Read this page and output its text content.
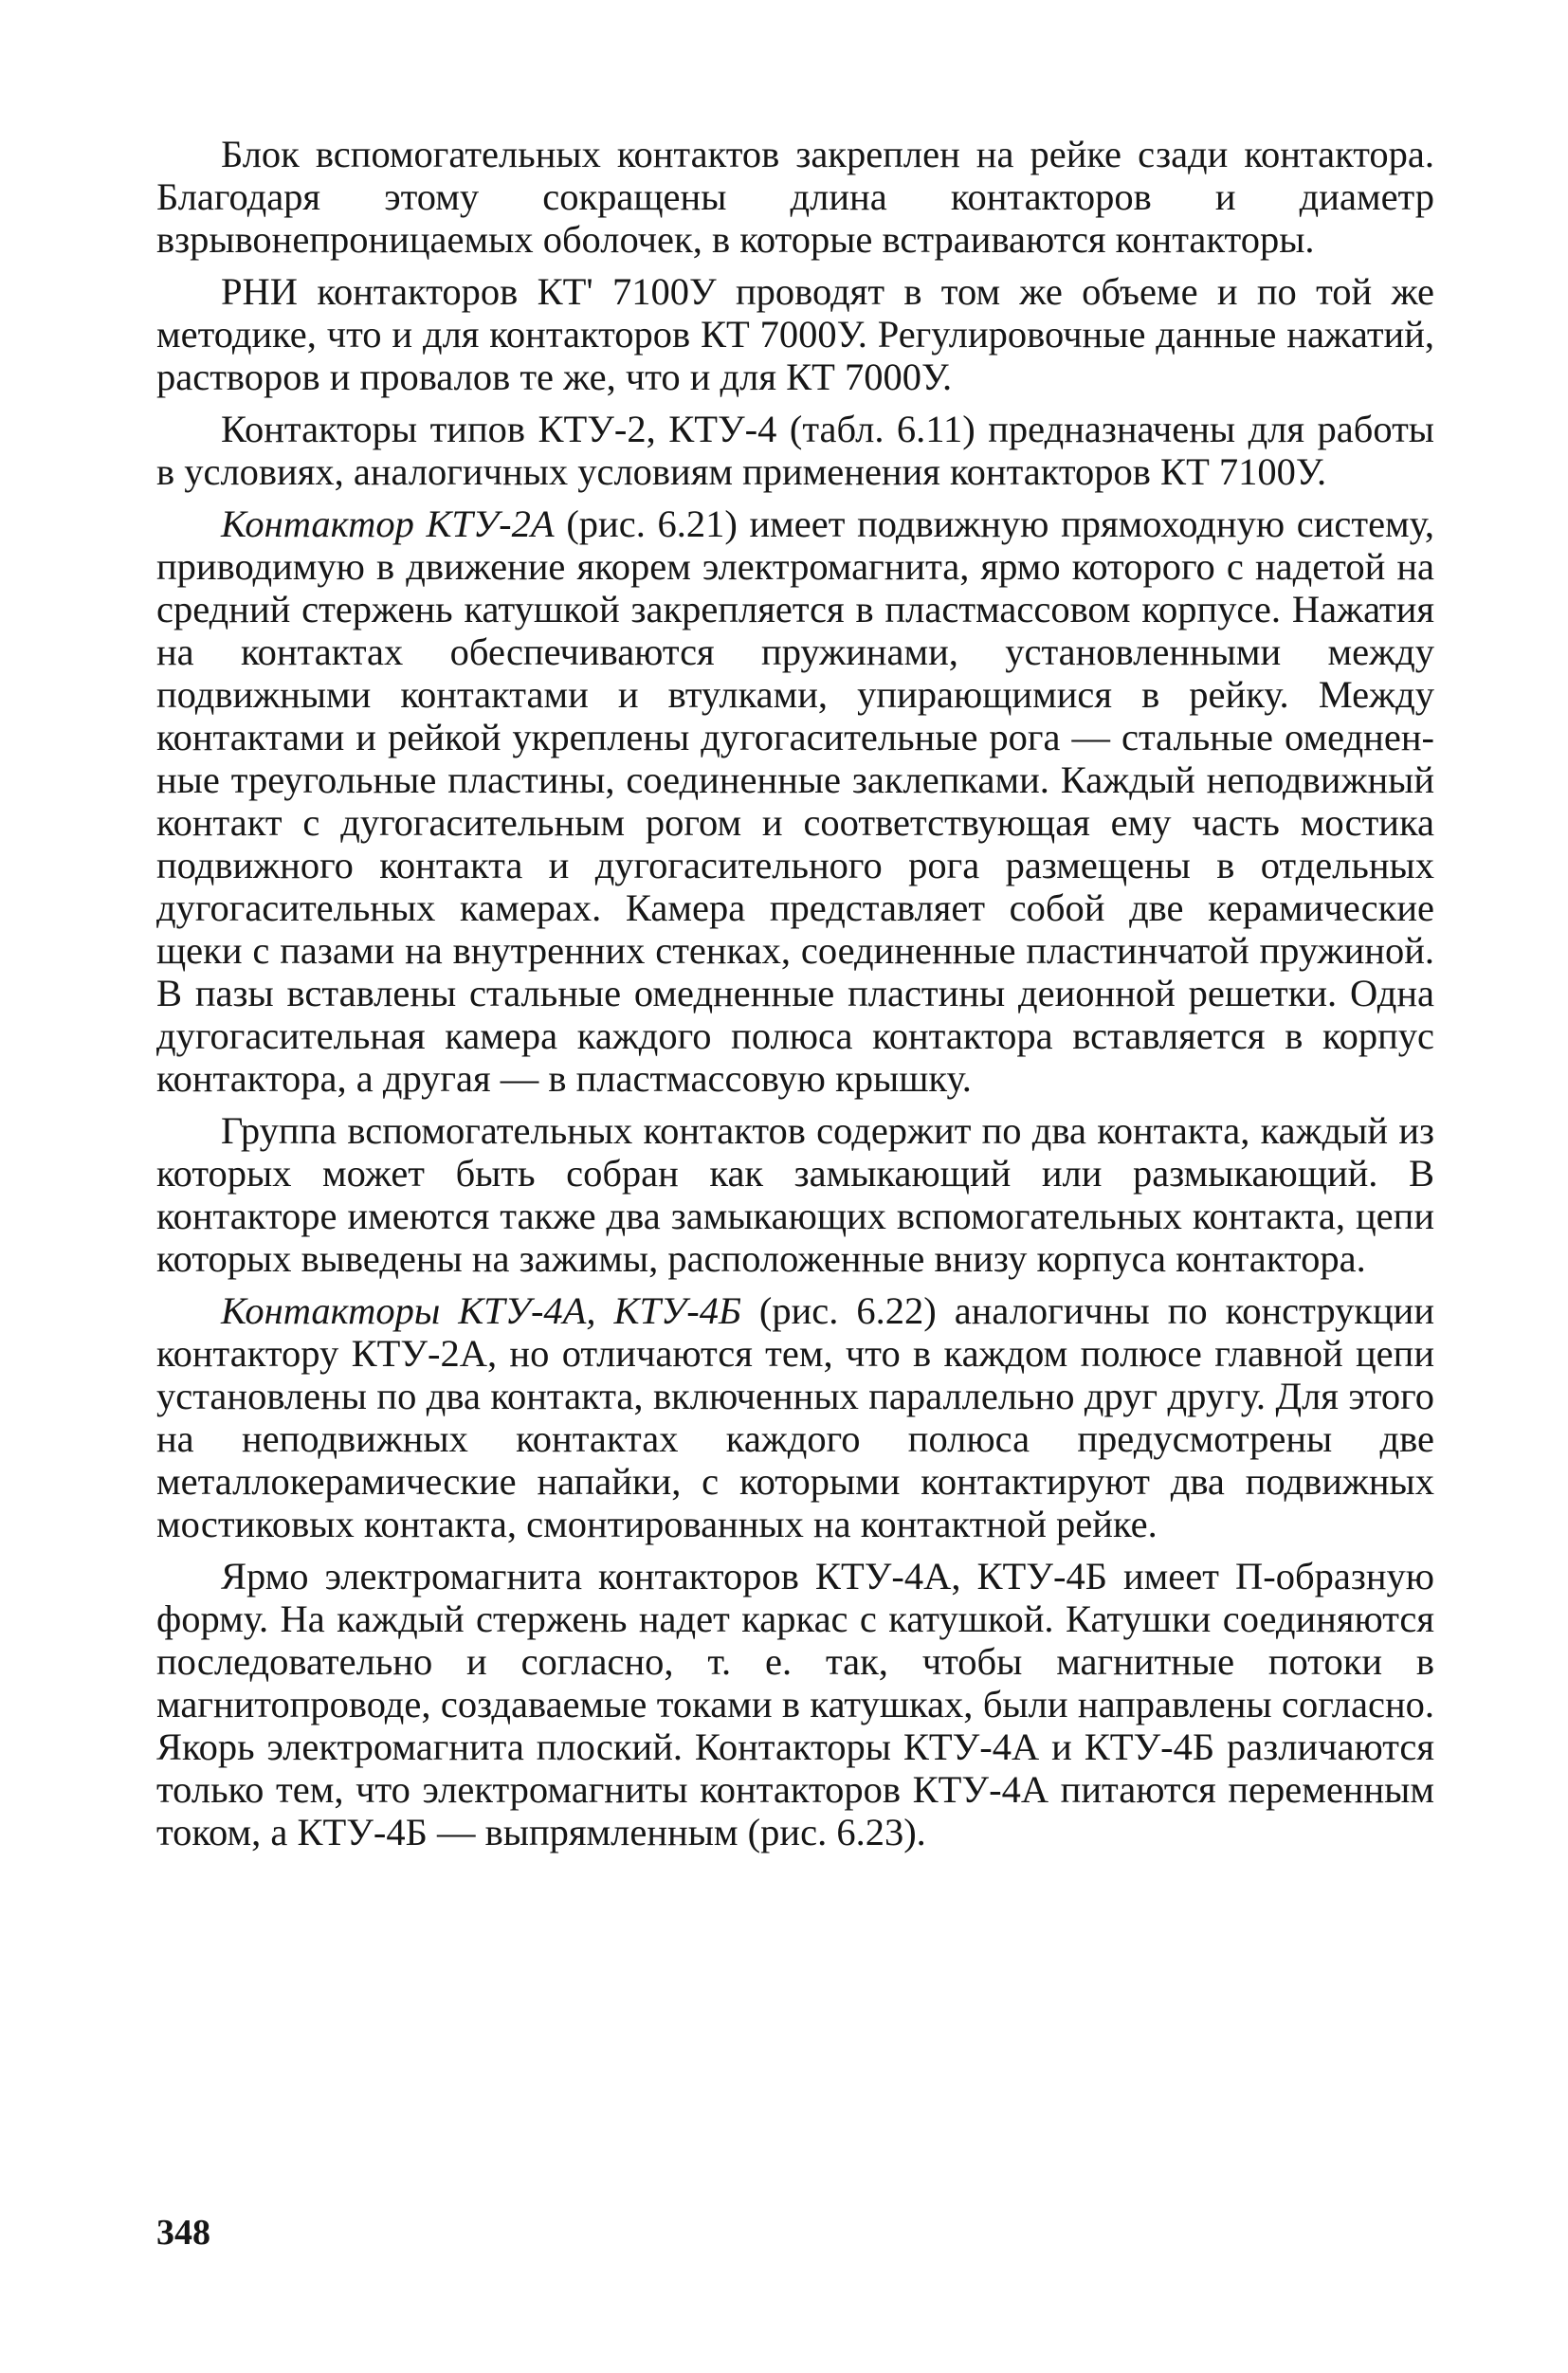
Блок вспомогательных контактов закреплен на рейке сзади контактора. Благодаря этому сокращены длина контакторов и диаметр взрывонепроницаемых оболочек, в которые встраиваются контакторы.

РНИ контакторов КТ' 7100У проводят в том же объеме и по той же методике, что и для контакторов КТ 7000У. Регулировочные данные нажатий, растворов и провалов те же, что и для КТ 7000У.

Контакторы типов КТУ-2, КТУ-4 (табл. 6.11) предназначены для работы в условиях, аналогичных условиям применения контакторов КТ 7100У.

Контактор КТУ-2А (рис. 6.21) имеет подвижную прямоходную систему, приводимую в движение якорем электромагнита, ярмо которого с надетой на средний стержень катушкой закрепляется в пластмассовом корпусе. Нажатия на контактах обеспечиваются пружинами, установленными между подвижными контактами и втулками, упирающимися в рейку. Между контактами и рейкой укреплены дугогасительные рога — стальные омедненные треугольные пластины, соединенные заклепками. Каждый неподвижный контакт с дугогасительным рогом и соответствующая ему часть мостика подвижного контакта и дугогасительного рога размещены в отдельных дугогасительных камерах. Камера представляет собой две керамические щеки с пазами на внутренних стенках, соединенные пластинчатой пружиной. В пазы вставлены стальные омедненные пластины деионной решетки. Одна дугогасительная камера каждого полюса контактора вставляется в корпус контактора, а другая — в пластмассовую крышку.

Группа вспомогательных контактов содержит по два контакта, каждый из которых может быть собран как замыкающий или размыкающий. В контакторе имеются также два замыкающих вспомогательных контакта, цепи которых выведены на зажимы, расположенные внизу корпуса контактора.

Контакторы КТУ-4А, КТУ-4Б (рис. 6.22) аналогичны по конструкции контактору КТУ-2А, но отличаются тем, что в каждом полюсе главной цепи установлены по два контакта, включенных параллельно друг другу. Для этого на неподвижных контактах каждого полюса предусмотрены две металлокерамические напайки, с которыми контактируют два подвижных мостиковых контакта, смонтированных на контактной рейке.

Ярмо электромагнита контакторов КТУ-4А, КТУ-4Б имеет П-образную форму. На каждый стержень надет каркас с катушкой. Катушки соединяются последовательно и согласно, т. е. так, чтобы магнитные потоки в магнитопроводе, создаваемые токами в катушках, были направлены согласно. Якорь электромагнита плоский. Контакторы КТУ-4А и КТУ-4Б различаются только тем, что электромагниты контакторов КТУ-4А питаются переменным током, а КТУ-4Б — выпрямленным (рис. 6.23).

348
